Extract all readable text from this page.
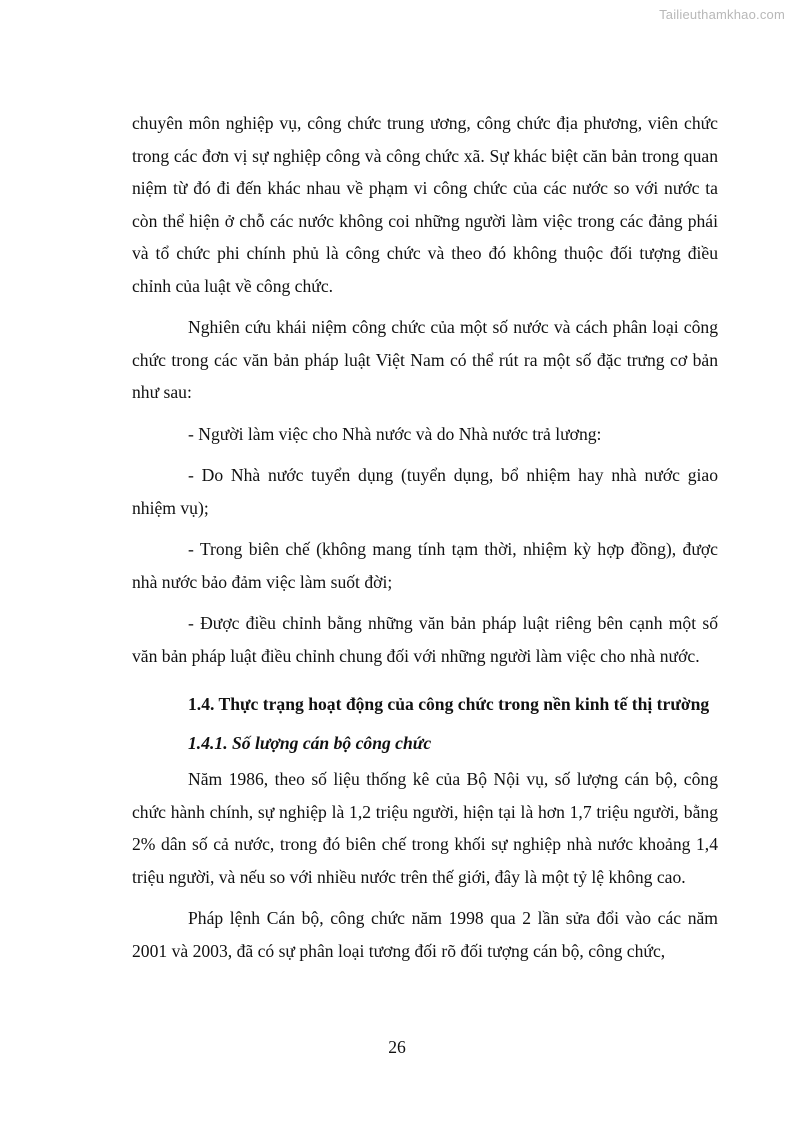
Tailieuthamkhao.com

chuyên môn nghiệp vụ, công chức trung ương, công chức địa phương, viên chức trong các đơn vị sự nghiệp công và công chức xã. Sự khác biệt căn bản trong quan niệm từ đó đi đến khác nhau về phạm vi công chức của các nước so với nước ta còn thể hiện ở chỗ các nước không coi những người làm việc trong các đảng phái và tổ chức phi chính phủ là công chức và theo đó không thuộc đối tượng điều chỉnh của luật về công chức.

Nghiên cứu khái niệm công chức của một số nước và cách phân loại công chức trong các văn bản pháp luật Việt Nam có thể rút ra một số đặc trưng cơ bản như sau:

- Người làm việc cho Nhà nước và do Nhà nước trả lương:

- Do Nhà nước tuyển dụng (tuyển dụng, bổ nhiệm hay nhà nước giao nhiệm vụ);

- Trong biên chế (không mang tính tạm thời, nhiệm kỳ hợp đồng), được nhà nước bảo đảm việc làm suốt đời;

- Được điều chỉnh bằng những văn bản pháp luật riêng bên cạnh một số văn bản pháp luật điều chỉnh chung đối với những người làm việc cho nhà nước.

1.4. Thực trạng hoạt động của công chức trong nền kinh tế thị trường

1.4.1. Số lượng cán bộ công chức

Năm 1986, theo số liệu thống kê của Bộ Nội vụ, số lượng cán bộ, công chức hành chính, sự nghiệp là 1,2 triệu người, hiện tại là hơn 1,7 triệu người, bằng 2% dân số cả nước, trong đó biên chế trong khối sự nghiệp nhà nước khoảng 1,4 triệu người, và nếu so với nhiều nước trên thế giới, đây là một tỷ lệ không cao.

Pháp lệnh Cán bộ, công chức năm 1998 qua 2 lần sửa đổi vào các năm 2001 và 2003, đã có sự phân loại tương đối rõ đối tượng cán bộ, công chức,

26
